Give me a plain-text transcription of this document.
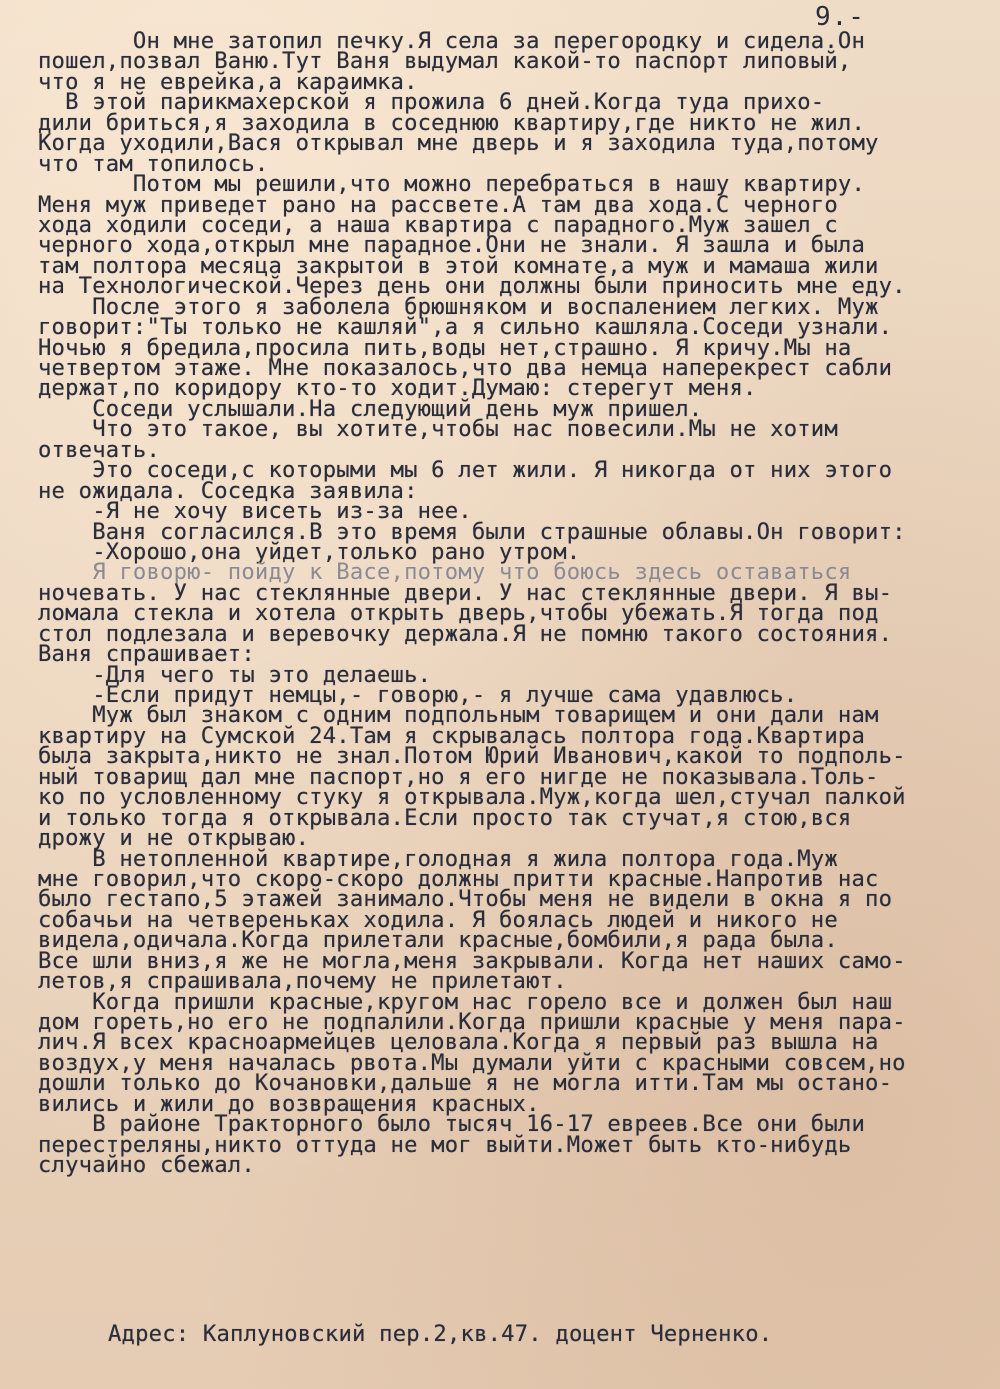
9.-
Он мне затопил печку.Я села за перегородку и сидела.Он
пошел,позвал Ваню.Тут Ваня выдумал какой-то паспорт липовый,
что я не еврейка,а караимка.
В этой парикмахерской я прожила 6 дней.Когда туда прихо-
дили бриться,я заходила в соседнюю квартиру,где никто не жил.
Когда уходили,Вася открывал мне дверь и я заходила туда,потому
что там топилось.
Потом мы решили,что можно перебраться в нашу квартиру.
Меня муж приведет рано на рассвете.А там два хода.С черного
хода ходили соседи, а наша квартира с парадного.Муж зашел с
черного хода,открыл мне парадное.Они не знали. Я зашла и была
там полтора месяца закрытой в этой комнате,а муж и мамаша жили
на Технологической.Через день они должны были приносить мне еду.
После этого я заболела брюшняком и воспалением легких. Муж
говорит:"Ты только не кашляй",а я сильно кашляла.Соседи узнали.
Ночью я бредила,просила пить,воды нет,страшно. Я кричу.Мы на
четвертом этаже. Мне показалось,что два немца наперекрест сабли
держат,по коридору кто-то ходит.Думаю: стерегут меня.
Соседи услышали.На следующий день муж пришел.
Что это такое, вы хотите,чтобы нас повесили.Мы не хотим
отвечать.
Это соседи,с которыми мы 6 лет жили. Я никогда от них этого
не ожидала. Соседка заявила:
-Я не хочу висеть из-за нее.
Ваня согласился.В это время были страшные облавы.Он говорит:
-Хорошо,она уйдет,только рано утром.
Я говорю- пойду к Васе,потому что боюсь здесь оставаться
ночевать. У нас стеклянные двери. У нас стеклянные двери. Я вы-
ломала стекла и хотела открыть дверь,чтобы убежать.Я тогда под
стол подлезала и веревочку держала.Я не помню такого состояния.
Ваня спрашивает:
-Для чего ты это делаешь.
-Если придут немцы,- говорю,- я лучше сама удавлюсь.
Муж был знаком с одним подпольным товарищем и они дали нам
квартиру на Сумской 24.Там я скрывалась полтора года.Квартира
была закрыта,никто не знал.Потом Юрий Иванович,какой то подполь-
ный товарищ дал мне паспорт,но я его нигде не показывала.Толь-
ко по условленному стуку я открывала.Муж,когда шел,стучал палкой
и только тогда я открывала.Если просто так стучат,я стою,вся
дрожу и не открываю.
В нетопленной квартире,голодная я жила полтора года.Муж
мне говорил,что скоро-скоро должны притти красные.Напротив нас
было гестапо,5 этажей занимало.Чтобы меня не видели в окна я по
собачьи на четвереньках ходила. Я боялась людей и никого не
видела,одичала.Когда прилетали красные,бомбили,я рада была.
Все шли вниз,я же не могла,меня закрывали. Когда нет наших само-
летов,я спрашивала,почему не прилетают.
Когда пришли красные,кругом нас горело все и должен был наш
дом гореть,но его не подпалили.Когда пришли красные у меня пара-
лич.Я всех красноармейцев целовала.Когда я первый раз вышла на
воздух,у меня началась рвота.Мы думали уйти с красными совсем,но
дошли только до Кочановки,дальше я не могла итти.Там мы остано-
вились и жили до возвращения красных.
В районе Тракторного было тысяч 16-17 евреев.Все они были
перестреляны,никто оттуда не мог выйти.Может быть кто-нибудь
случайно сбежал.
Адрес: Каплуновский пер.2,кв.47. доцент Черненко.
